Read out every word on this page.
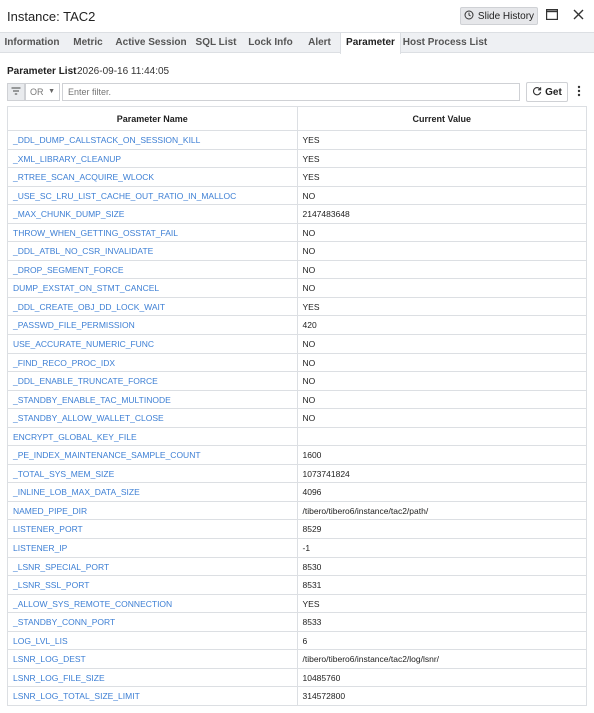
Instance: TAC2	Slide History
Information	Metric	Active Session SQL List	Lock Info	Alert	Parameter Host Process List
Parameter List 2026-09-16 11:44:05
OR ▼
Enter filter.	Get
Parameter Name	Current Value
_DDL_DUMP_CALLSTACK_ON_SESSION_KILL	YES
_XML_LIBRARY_CLEANUP	YES
_RTREE_SCAN_ACQUIRE_WLOCK	YES
_USE_SC_LRU_LIST_CACHE_OUT_RATIO_IN_MALLOC	NO
_MAX_CHUNK_DUMP_SIZE	2147483648
THROW_WHEN_GETTING_OSSTAT_FAIL	NO
_DDL_ATBL_NO_CSR_INVALIDATE	NO
_DROP_SEGMENT_FORCE	NO
DUMP_EXSTAT_ON_STMT_CANCEL	NO
_DDL_CREATE_OBJ_DD_LOCK_WAIT	YES
_PASSWD_FILE_PERMISSION	420
USE_ACCURATE_NUMERIC_FUNC	NO
_FIND_RECO_PROC_IDX	NO
_DDL_ENABLE_TRUNCATE_FORCE	NO
_STANDBY_ENABLE_TAC_MULTINODE	NO
_STANDBY_ALLOW_WALLET_CLOSE	NO
ENCRYPT_GLOBAL_KEY_FILE
_PE_INDEX_MAINTENANCE_SAMPLE_COUNT	1600
_TOTAL_SYS_MEM_SIZE	1073741824
_INLINE_LOB_MAX_DATA_SIZE	4096
NAMED_PIPE_DIR	/tibero/tibero6/instance/tac2/path/
LISTENER_PORT	8529
LISTENER_IP	-1
_LSNR_SPECIAL_PORT	8530
_LSNR_SSL_PORT	8531
_ALLOW_SYS_REMOTE_CONNECTION	YES
_STANDBY_CONN_PORT	8533
LOG_LVL_LIS	6
LSNR_LOG_DEST	/tibero/tibero6/instance/tac2/log/lsnr/
LSNR_LOG_FILE_SIZE	10485760
LSNR_LOG_TOTAL_SIZE_LIMIT	314572800
